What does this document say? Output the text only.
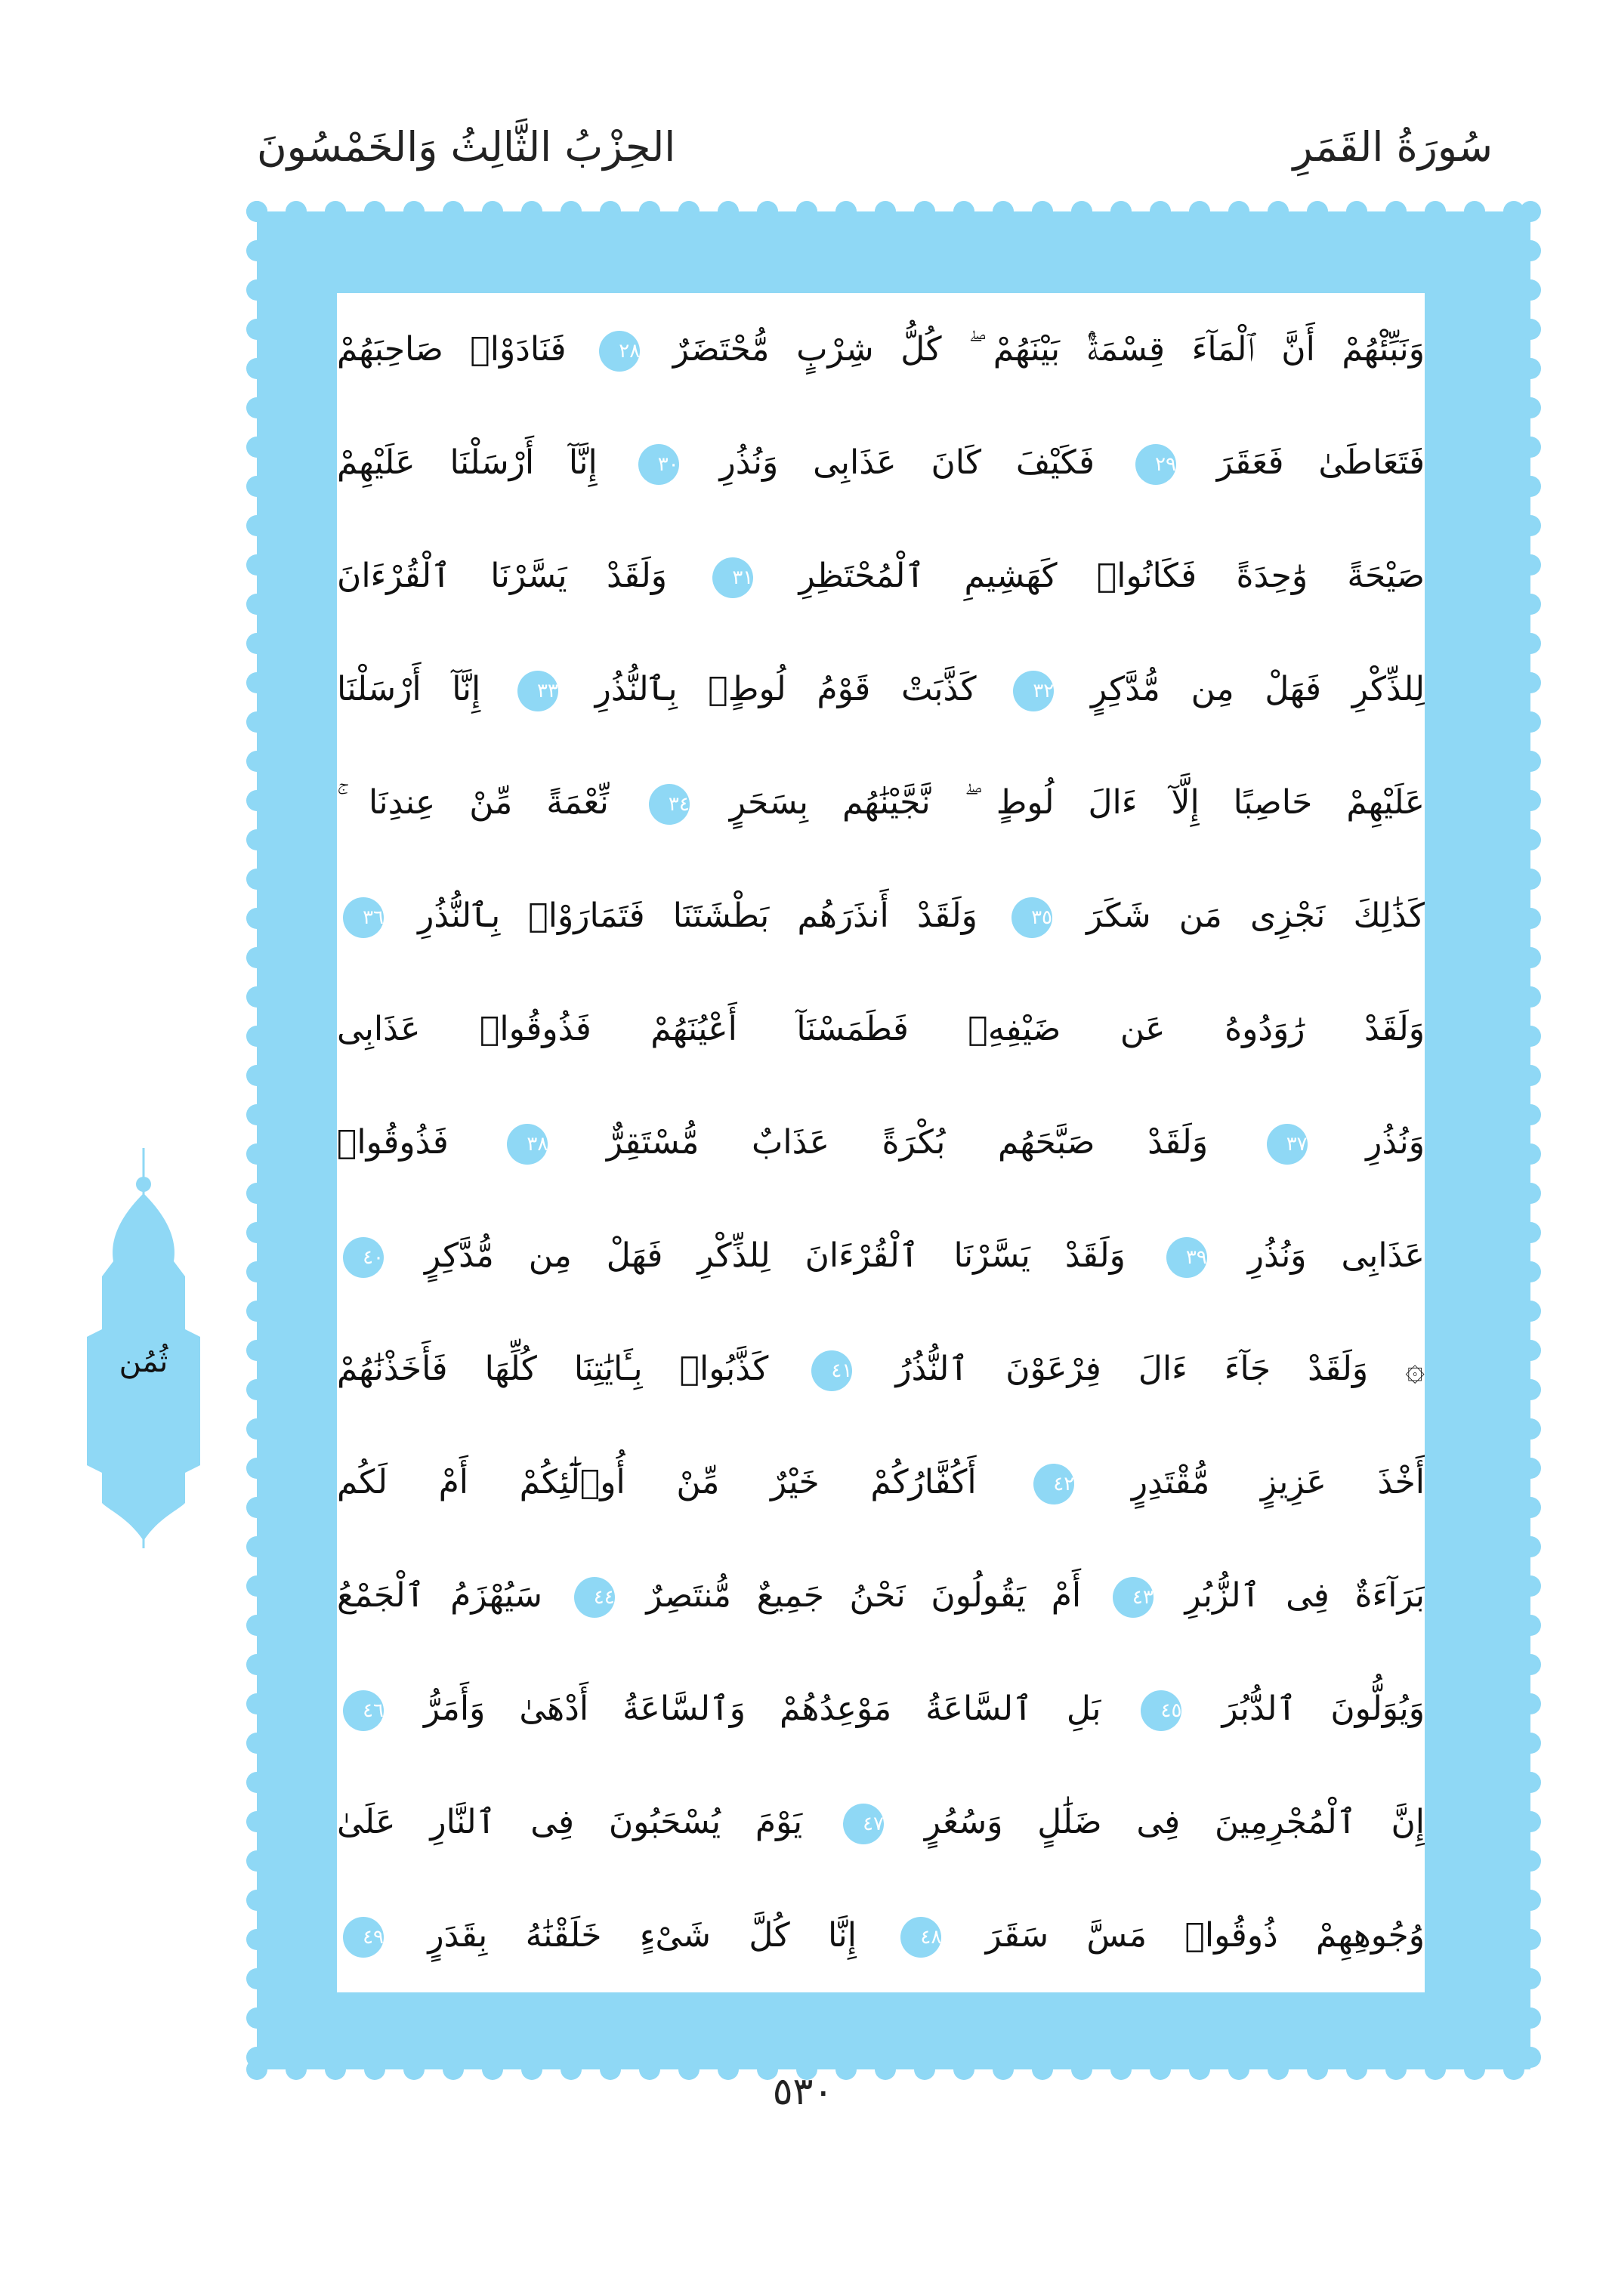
سُورَةُ القَمَرِ
الحِزْبُ الثَّالِثُ وَالخَمْسُونَ
ثُمُن
وَنَبِّئْهُمْ أَنَّ ٱلْمَآءَ قِسْمَةٌۢ بَيْنَهُمْ ۖ كُلُّ شِرْبٍ مُّحْتَضَرٌ ٢٨ فَنَادَوْا۟ صَاحِبَهُمْ
فَتَعَاطَىٰ فَعَقَرَ ٢٩ فَكَيْفَ كَانَ عَذَابِى وَنُذُرِ ٣٠ إِنَّآ أَرْسَلْنَا عَلَيْهِمْ
صَيْحَةً وَٰحِدَةً فَكَانُوا۟ كَهَشِيمِ ٱلْمُحْتَظِرِ ٣١ وَلَقَدْ يَسَّرْنَا ٱلْقُرْءَانَ
لِلذِّكْرِ فَهَلْ مِن مُّدَّكِرٍ ٣٢ كَذَّبَتْ قَوْمُ لُوطٍۭ بِٱلنُّذُرِ ٣٣ إِنَّآ أَرْسَلْنَا
عَلَيْهِمْ حَاصِبًا إِلَّآ ءَالَ لُوطٍ ۖ نَّجَّيْنَٰهُم بِسَحَرٍ ٣٤ نِّعْمَةً مِّنْ عِندِنَا ۚ
كَذَٰلِكَ نَجْزِى مَن شَكَرَ ٣٥ وَلَقَدْ أَنذَرَهُم بَطْشَتَنَا فَتَمَارَوْا۟ بِٱلنُّذُرِ ٣٦
وَلَقَدْ رَٰوَدُوهُ عَن ضَيْفِهِۦ فَطَمَسْنَآ أَعْيُنَهُمْ فَذُوقُوا۟ عَذَابِى
وَنُذُرِ ٣٧ وَلَقَدْ صَبَّحَهُم بُكْرَةً عَذَابٌ مُّسْتَقِرٌّ ٣٨ فَذُوقُوا۟
عَذَابِى وَنُذُرِ ٣٩ وَلَقَدْ يَسَّرْنَا ٱلْقُرْءَانَ لِلذِّكْرِ فَهَلْ مِن مُّدَّكِرٍ ٤٠
۞ وَلَقَدْ جَآءَ ءَالَ فِرْعَوْنَ ٱلنُّذُرُ ٤١ كَذَّبُوا۟ بِـَٔايَٰتِنَا كُلِّهَا فَأَخَذْنَٰهُمْ
أَخْذَ عَزِيزٍ مُّقْتَدِرٍ ٤٢ أَكُفَّارُكُمْ خَيْرٌ مِّنْ أُو۟لَٰٓئِكُمْ أَمْ لَكُم
بَرَآءَةٌ فِى ٱلزُّبُرِ ٤٣ أَمْ يَقُولُونَ نَحْنُ جَمِيعٌ مُّنتَصِرٌ ٤٤ سَيُهْزَمُ ٱلْجَمْعُ
وَيُوَلُّونَ ٱلدُّبُرَ ٤٥ بَلِ ٱلسَّاعَةُ مَوْعِدُهُمْ وَٱلسَّاعَةُ أَدْهَىٰ وَأَمَرُّ ٤٦
إِنَّ ٱلْمُجْرِمِينَ فِى ضَلَٰلٍ وَسُعُرٍ ٤٧ يَوْمَ يُسْحَبُونَ فِى ٱلنَّارِ عَلَىٰ
وُجُوهِهِمْ ذُوقُوا۟ مَسَّ سَقَرَ ٤٨ إِنَّا كُلَّ شَىْءٍ خَلَقْنَٰهُ بِقَدَرٍ ٤٩
٥٣٠
